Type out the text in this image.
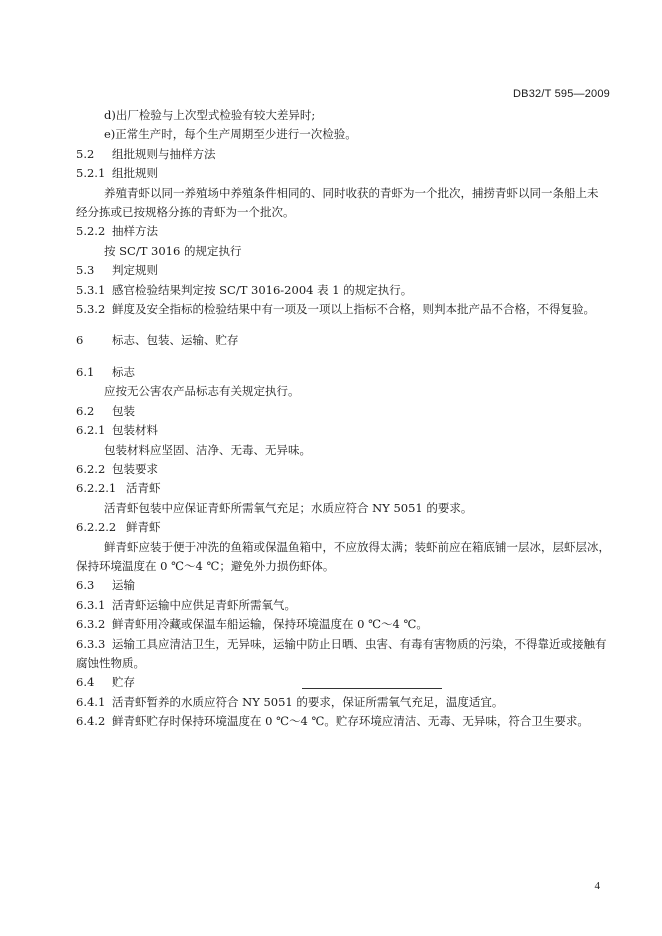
DB32/T 595—2009
d)出厂检验与上次型式检验有较大差异时;
e)正常生产时，每个生产周期至少进行一次检验。
5.2 组批规则与抽样方法
5.2.1 组批规则
养殖青虾以同一养殖场中养殖条件相同的、同时收获的青虾为一个批次，捕捞青虾以同一条船上未
经分拣或已按规格分拣的青虾为一个批次。
5.2.2 抽样方法
按 SC/T 3016 的规定执行
5.3 判定规则
5.3.1 感官检验结果判定按 SC/T 3016-2004 表 1 的规定执行。
5.3.2 鲜度及安全指标的检验结果中有一项及一项以上指标不合格，则判本批产品不合格，不得复验。
6 标志、包装、运输、贮存
6.1 标志
应按无公害农产品标志有关规定执行。
6.2 包装
6.2.1 包装材料
包装材料应坚固、洁净、无毒、无异味。
6.2.2 包装要求
6.2.2.1 活青虾
活青虾包装中应保证青虾所需氧气充足；水质应符合 NY 5051 的要求。
6.2.2.2 鲜青虾
鲜青虾应装于便于冲洗的鱼箱或保温鱼箱中，不应放得太满；装虾前应在箱底铺一层冰，层虾层冰，
保持环境温度在 0 ℃～4 ℃；避免外力损伤虾体。
6.3 运输
6.3.1 活青虾运输中应供足青虾所需氧气。
6.3.2 鲜青虾用冷藏或保温车船运输，保持环境温度在 0 ℃～4 ℃。
6.3.3 运输工具应清洁卫生，无异味，运输中防止日晒、虫害、有毒有害物质的污染，不得靠近或接触有
腐蚀性物质。
6.4 贮存
6.4.1 活青虾暂养的水质应符合 NY 5051 的要求，保证所需氧气充足，温度适宜。
6.4.2 鲜青虾贮存时保持环境温度在 0 ℃～4 ℃。贮存环境应清洁、无毒、无异味，符合卫生要求。
4
